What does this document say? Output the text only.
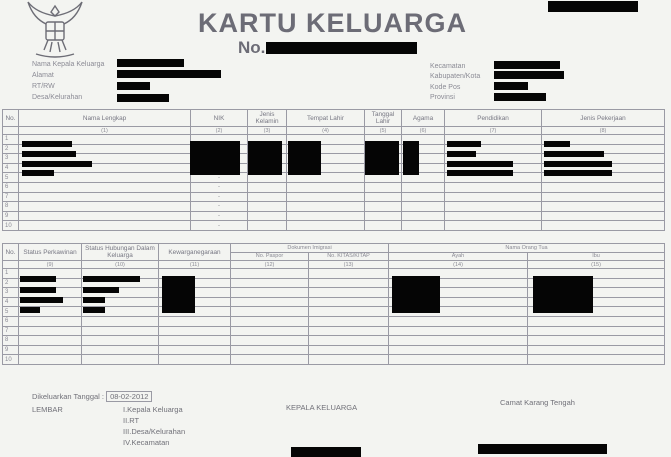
KARTU KELUARGA
No.
Nama Kepala Keluarga
Alamat
RT/RW
Desa/Kelurahan
Kecamatan
Kabupaten/Kota
Kode Pos
Provinsi
No.	Nama Lengkap	NIK	Jenis Kelamin	Tempat Lahir	Tanggal Lahir	Agama	Pendidikan	Jenis Pekerjaan
	(1)	(2)	(3)	(4)	(5)	(6)	(7)	(8)
1								
2								
3								
4								
5		-						
6		-						
7		-						
8		-						
9		-						
10		-						
No.	Status Perkawinan	Status Hubungan Dalam Keluarga	Kewarganegaraan	Dokumen Imigrasi		Nama Orang Tua	
				No. Paspor	No. KITAS/KITAP	Ayah	Ibu
	(9)	(10)	(11)	(12)	(13)	(14)	(15)
1							
2							
3							
4							
5							
6							
7							
8							
9							
10							
Dikeluarkan Tanggal : 08-02-2012
LEMBAR	I.Kepala Keluarga
II.RT
III.Desa/Kelurahan
IV.Kecamatan
KEPALA KELUARGA
Camat Karang Tengah
